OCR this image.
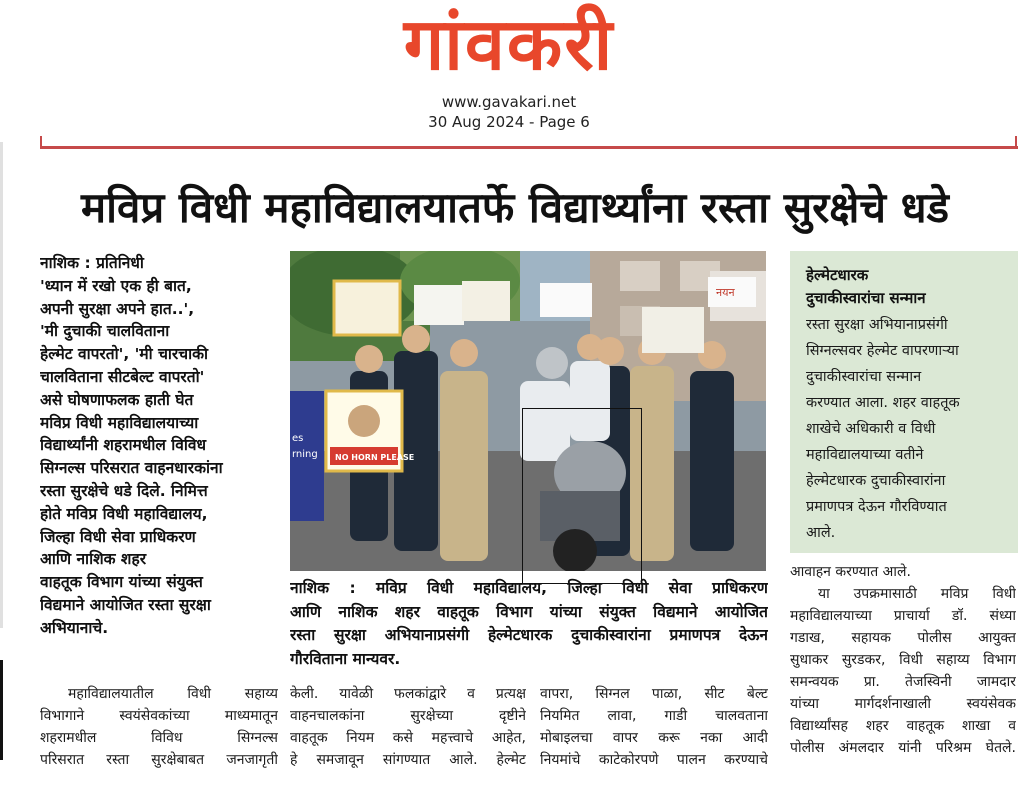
गांवकरी
www.gavakari.net
30 Aug 2024 - Page 6
मविप्र विधी महाविद्यालयातर्फे विद्यार्थ्यांना रस्ता सुरक्षेचे धडे
नाशिक : प्रतिनिधी
'ध्यान में रखो एक ही बात,
अपनी सुरक्षा अपने हात..',
'मी दुचाकी चालविताना
हेल्मेट वापरतो', 'मी चारचाकी
चालविताना सीटबेल्ट वापरतो'
असे घोषणाफलक हाती घेत
मविप्र विधी महाविद्यालयाच्या
विद्यार्थ्यांनी शहरामधील विविध
सिग्नल्स परिसरात वाहनधारकांना
रस्ता सुरक्षेचे धडे दिले. निमित्त
होते मविप्र विधी महाविद्यालय,
जिल्हा विधी सेवा प्राधिकरण
आणि नाशिक शहर
वाहतूक विभाग यांच्या संयुक्त
विद्यमाने आयोजित रस्ता सुरक्षा
अभियानाचे.
महाविद्यालयातील विधी सहाय्य
विभागाने स्वयंसेवकांच्या माध्यमातून
शहरामधील विविध सिग्नल्स
परिसरात रस्ता सुरक्षेबाबत जनजागृती
नयन
NO HORN PLEASE
es
rning
नाशिक : मविप्र विधी महाविद्यालय, जिल्हा विधी सेवा प्राधिकरण
आणि नाशिक शहर वाहतूक विभाग यांच्या संयुक्त विद्यमाने आयोजित
रस्ता सुरक्षा अभियानाप्रसंगी हेल्मेटधारक दुचाकीस्वारांना प्रमाणपत्र देऊन
गौरविताना मान्यवर.
केली. यावेळी फलकांद्वारे व प्रत्यक्ष
वाहनचालकांना सुरक्षेच्या दृष्टीने
वाहतूक नियम कसे महत्त्वाचे आहेत,
हे समजावून सांगण्यात आले. हेल्मेट
वापरा, सिग्नल पाळा, सीट बेल्ट
नियमित लावा, गाडी चालवताना
मोबाइलचा वापर करू नका आदी
नियमांचे काटेकोरपणे पालन करण्याचे
हेल्मेटधारक
दुचाकीस्वारांचा सन्मान
रस्ता सुरक्षा अभियानाप्रसंगी
सिग्नल्सवर हेल्मेट वापरणाऱ्या
दुचाकीस्वारांचा सन्मान
करण्यात आला. शहर वाहतूक
शाखेचे अधिकारी व विधी
महाविद्यालयाच्या वतीने
हेल्मेटधारक दुचाकीस्वारांना
प्रमाणपत्र देऊन गौरविण्यात
आले.
आवाहन करण्यात आले.
या उपक्रमासाठी मविप्र विधी
महाविद्यालयाच्या प्राचार्या डॉ. संध्या
गडाख, सहायक पोलीस आयुक्त
सुधाकर सुरडकर, विधी सहाय्य विभाग
समन्वयक प्रा. तेजस्विनी जामदार
यांच्या मार्गदर्शनाखाली स्वयंसेवक
विद्यार्थ्यांसह शहर वाहतूक शाखा व
पोलीस अंमलदार यांनी परिश्रम घेतले.
